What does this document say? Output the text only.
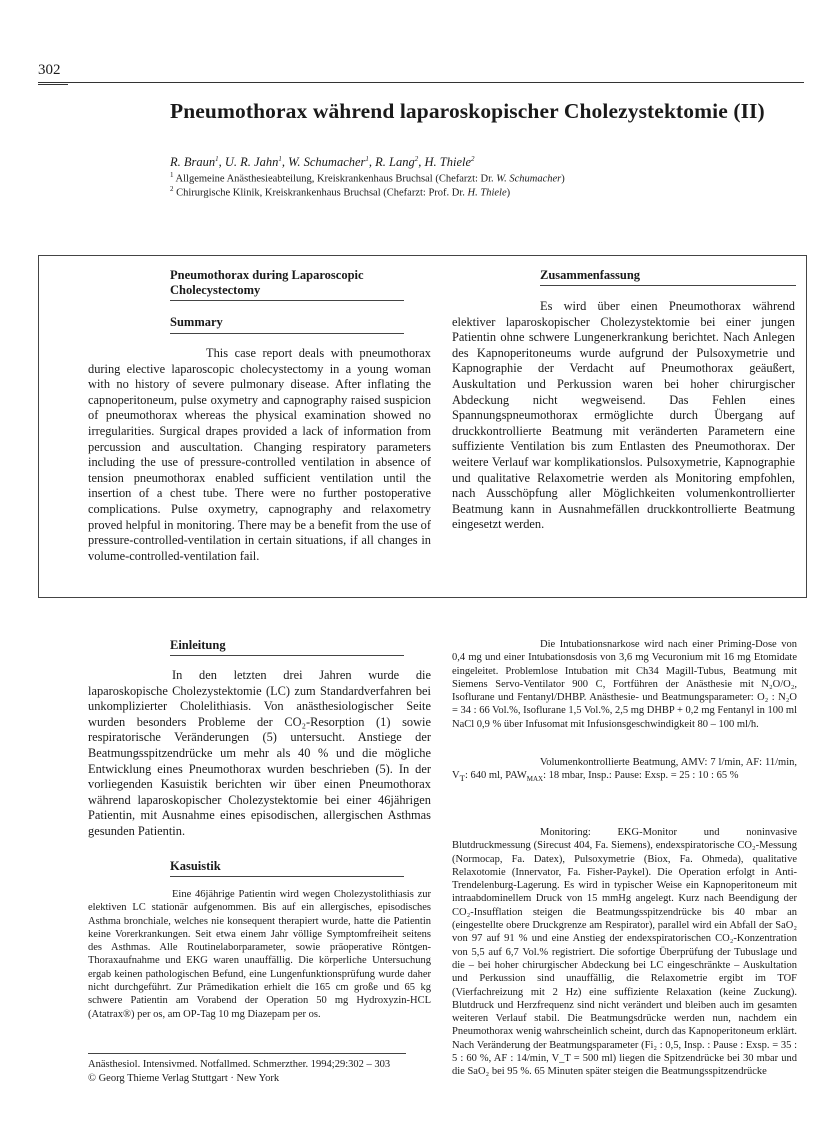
302
Pneumothorax während laparoskopischer Cholezystektomie (II)
R. Braun$^1$, U. R. Jahn$^1$, W. Schumacher$^1$, R. Lang$^2$, H. Thiele$^2$
$^1$ Allgemeine Anästhesieabteilung, Kreiskrankenhaus Bruchsal (Chefarzt: Dr. W. Schumacher)
$^2$ Chirurgische Klinik, Kreiskrankenhaus Bruchsal (Chefarzt: Prof. Dr. H. Thiele)
Pneumothorax during Laparoscopic
Cholecystectomy
Summary
This case report deals with pneumothorax during elective laparoscopic cholecystectomy in a young woman with no history of severe pulmonary disease. After inflating the capnoperitoneum, pulse oxymetry and capnography raised suspicion of pneumothorax whereas the physical examination showed no irregularities. Surgical drapes provided a lack of information from percussion and auscultation. Changing respiratory parameters including the use of pressure-controlled ventilation in absence of tension pneumothorax enabled sufficient ventilation until the insertion of a chest tube. There were no further postoperative complications. Pulse oxymetry, capnography and relaxometry proved helpful in monitoring. There may be a benefit from the use of pressure-controlled-ventilation in certain situations, if all changes in volume-controlled-ventilation fail.
Zusammenfassung
Es wird über einen Pneumothorax während elektiver laparoskopischer Cholezystektomie bei einer jungen Patientin ohne schwere Lungenerkrankung berichtet. Nach Anlegen des Kapnoperitoneums wurde aufgrund der Pulsoxymetrie und Kapnographie der Verdacht auf Pneumothorax geäußert, Auskultation und Perkussion waren bei hoher chirurgischer Abdeckung nicht wegweisend. Das Fehlen eines Spannungspneumothorax ermöglichte durch Übergang auf druckkontrollierte Beatmung mit veränderten Parametern eine suffiziente Ventilation bis zum Entlasten des Pneumothorax. Der weitere Verlauf war komplikationslos. Pulsoxymetrie, Kapnographie und qualitative Relaxometrie werden als Monitoring empfohlen, nach Ausschöpfung aller Möglichkeiten volumenkontrollierter Beatmung kann in Ausnahmefällen druckkontrollierte Beatmung eingesetzt werden.
Einleitung
In den letzten drei Jahren wurde die laparoskopische Cholezystektomie (LC) zum Standardverfahren bei unkomplizierter Cholelithiasis. Von anästhesiologischer Seite wurden besonders Probleme der CO₂-Resorption (1) sowie respiratorische Veränderungen (5) untersucht. Anstiege der Beatmungsspitzendrücke um mehr als 40 % und die mögliche Entwicklung eines Pneumothorax wurden beschrieben (5). In der vorliegenden Kasuistik berichten wir über einen Pneumothorax während laparoskopischer Cholezystektomie bei einer 46jährigen Patientin, mit Ausnahme eines episodischen, allergischen Asthmas gesunden Patientin.
Kasuistik
Eine 46jährige Patientin wird wegen Cholezystolithiasis zur elektiven LC stationär aufgenommen. Bis auf ein allergisches, episodisches Asthma bronchiale, welches nie konsequent therapiert wurde, hatte die Patientin keine Vorerkrankungen. Seit etwa einem Jahr völlige Symptomfreiheit seitens des Asthmas. Alle Routinelaborparameter, sowie präoperative Röntgen-Thoraxaufnahme und EKG waren unauffällig. Die körperliche Untersuchung ergab keinen pathologischen Befund, eine Lungenfunktionsprüfung wurde daher nicht durchgeführt. Zur Prämedikation erhielt die 165 cm große und 65 kg schwere Patientin am Vorabend der Operation 50 mg Hydroxyzin-HCL (Atatrax®) per os, am OP-Tag 10 mg Diazepam per os.
Die Intubationsnarkose wird nach einer Priming-Dose von 0,4 mg und einer Intubationsdosis von 3,6 mg Vecuronium mit 16 mg Etomidate eingeleitet. Problemlose Intubation mit Ch34 Magill-Tubus, Beatmung mit Siemens Servo-Ventilator 900 C, Fortführen der Anästhesie mit N₂O/O₂, Isoflurane und Fentanyl/DHBP. Anästhesie- und Beatmungsparameter: O₂ : N₂O = 34 : 66 Vol.%, Isoflurane 1,5 Vol.%, 2,5 mg DHBP + 0,2 mg Fentanyl in 100 ml NaCl 0,9 % über Infusomat mit Infusionsgeschwindigkeit 80 – 100 ml/h.
Volumenkontrollierte Beatmung, AMV: 7 l/min, AF: 11/min, $V_T$: 640 ml, $PAW_{MAX}$: 18 mbar, Insp.: Pause: Exsp. = 25 : 10 : 65 %
Monitoring: EKG-Monitor und noninvasive Blutdruckmessung (Sirecust 404, Fa. Siemens), endexspiratorische CO₂-Messung (Normocap, Fa. Datex), Pulsoxymetrie (Biox, Fa. Ohmeda), qualitative Relaxotomie (Innervator, Fa. Fisher-Paykel). Die Operation erfolgt in Anti-Trendelenburg-Lagerung. Es wird in typischer Weise ein Kapnoperitoneum mit intraabdominellem Druck von 15 mmHg angelegt. Kurz nach Beendigung der CO₂-Insufflation steigen die Beatmungsspitzendrücke bis 40 mbar an (eingestellte obere Druckgrenze am Respirator), parallel wird ein Abfall der SaO₂ von 97 auf 91 % und eine Anstieg der endexspiratorischen CO₂-Konzentration von 5,5 auf 6,7 Vol.% registriert. Die sofortige Überprüfung der Tubuslage und die – bei hoher chirurgischer Abdeckung bei LC eingeschränkte – Auskultation und Perkussion sind unauffällig, die Relaxometrie ergibt im TOF (Vierfachreizung mit 2 Hz) eine suffiziente Relaxation (keine Zuckung). Blutdruck und Herzfrequenz sind nicht verändert und bleiben auch im gesamten weiteren Verlauf stabil. Die Beatmungsdrücke werden nun, nachdem ein Pneumothorax wenig wahrscheinlich scheint, durch das Kapnoperitoneum erklärt. Nach Veränderung der Beatmungsparameter (Fi₂ : 0,5, Insp. : Pause : Exsp. = 35 : 5 : 60 %, AF : 14/min, V_T = 500 ml) liegen die Spitzendrücke bei 30 mbar und die SaO₂ bei 95 %. 65 Minuten später steigen die Beatmungsspitzendrücke
Anästhesiol. Intensivmed. Notfallmed. Schmerzther. 1994;29:302 – 303
© Georg Thieme Verlag Stuttgart · New York
